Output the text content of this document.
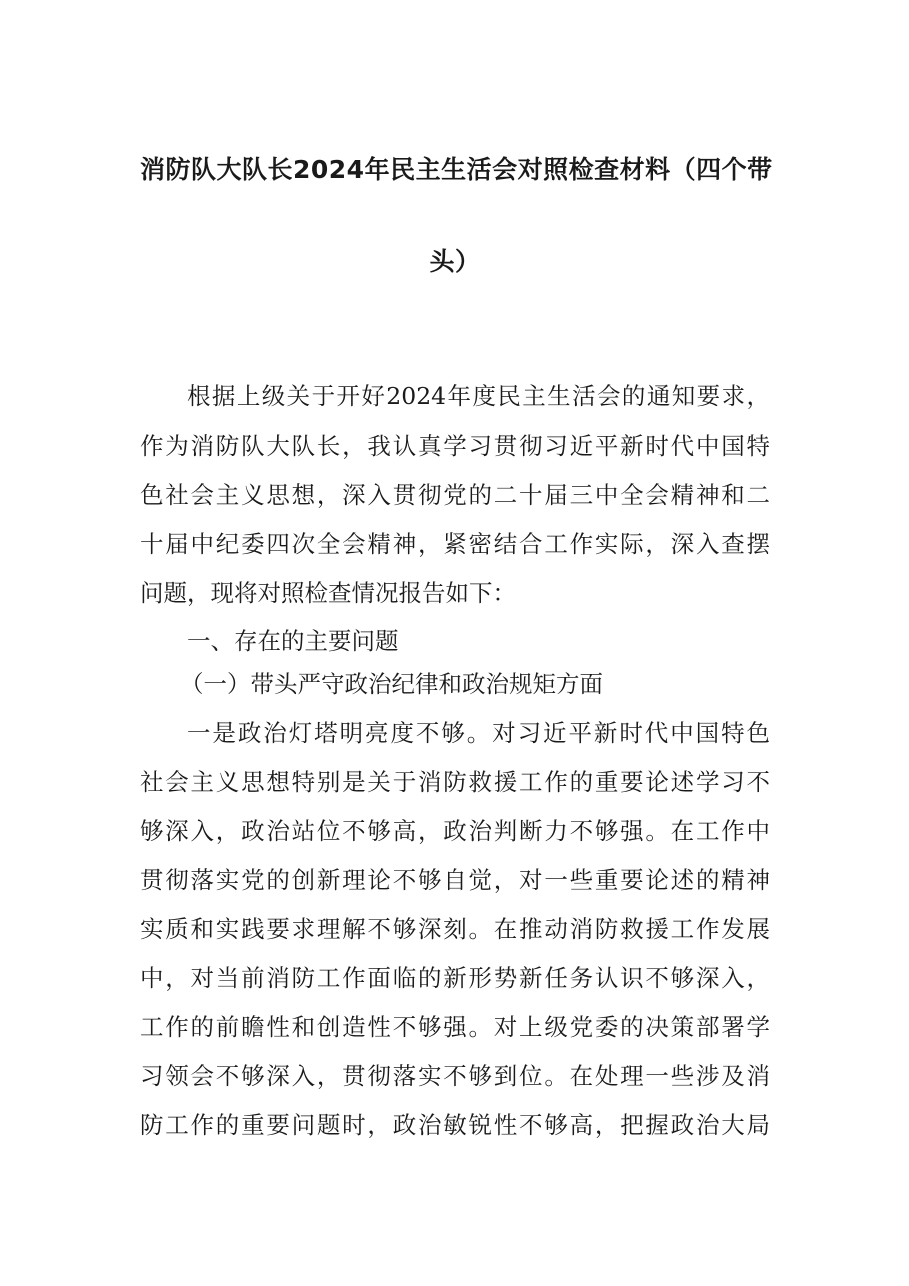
消防队大队长2024年民主生活会对照检查材料（四个带
头）
根据上级关于开好2024年度民主生活会的通知要求，
作为消防队大队长，我认真学习贯彻习近平新时代中国特
色社会主义思想，深入贯彻党的二十届三中全会精神和二
十届中纪委四次全会精神，紧密结合工作实际，深入查摆
问题，现将对照检查情况报告如下：
一、存在的主要问题
（一）带头严守政治纪律和政治规矩方面
一是政治灯塔明亮度不够。对习近平新时代中国特色
社会主义思想特别是关于消防救援工作的重要论述学习不
够深入，政治站位不够高，政治判断力不够强。在工作中
贯彻落实党的创新理论不够自觉，对一些重要论述的精神
实质和实践要求理解不够深刻。在推动消防救援工作发展
中，对当前消防工作面临的新形势新任务认识不够深入，
工作的前瞻性和创造性不够强。对上级党委的决策部署学
习领会不够深入，贯彻落实不够到位。在处理一些涉及消
防工作的重要问题时，政治敏锐性不够高，把握政治大局
